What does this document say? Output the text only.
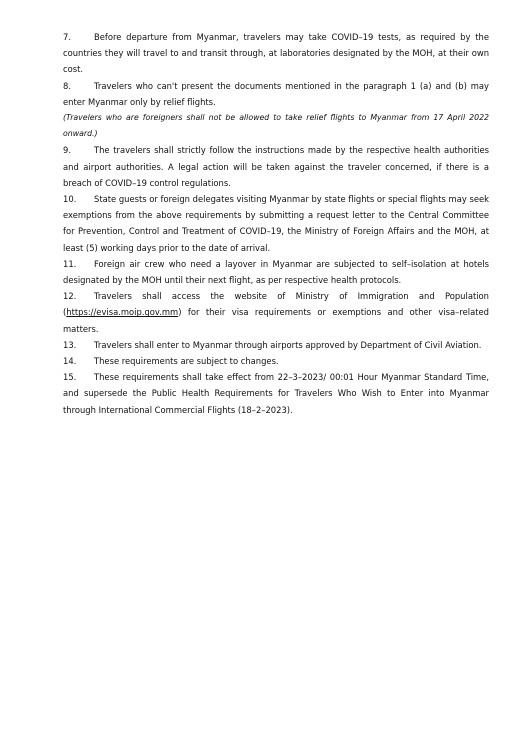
7.	Before departure from Myanmar, travelers may take COVID–19 tests, as required by the countries they will travel to and transit through, at laboratories designated by the MOH, at their own cost.

8.	Travelers who can't present the documents mentioned in the paragraph 1 (a) and (b) may enter Myanmar only by relief flights.

(Travelers who are foreigners shall not be allowed to take relief flights to Myanmar from 17 April 2022 onward.)

9.	The travelers shall strictly follow the instructions made by the respective health authorities and airport authorities. A legal action will be taken against the traveler concerned, if there is a breach of COVID–19 control regulations.

10. State guests or foreign delegates visiting Myanmar by state flights or special flights may seek exemptions from the above requirements by submitting a request letter to the Central Committee for Prevention, Control and Treatment of COVID–19, the Ministry of Foreign Affairs and the MOH, at least (5) working days prior to the date of arrival.

11. Foreign air crew who need a layover in Myanmar are subjected to self–isolation at hotels designated by the MOH until their next flight, as per respective health protocols.

12. Travelers shall access the website of Ministry of Immigration and Population (https://evisa.moip.gov.mm) for their visa requirements or exemptions and other visa–related matters.

13. Travelers shall enter to Myanmar through airports approved by Department of Civil Aviation.

14. These requirements are subject to changes.

15. These requirements shall take effect from 22–3–2023/ 00:01 Hour Myanmar Standard Time, and supersede the Public Health Requirements for Travelers Who Wish to Enter into Myanmar through International Commercial Flights (18–2–2023).
